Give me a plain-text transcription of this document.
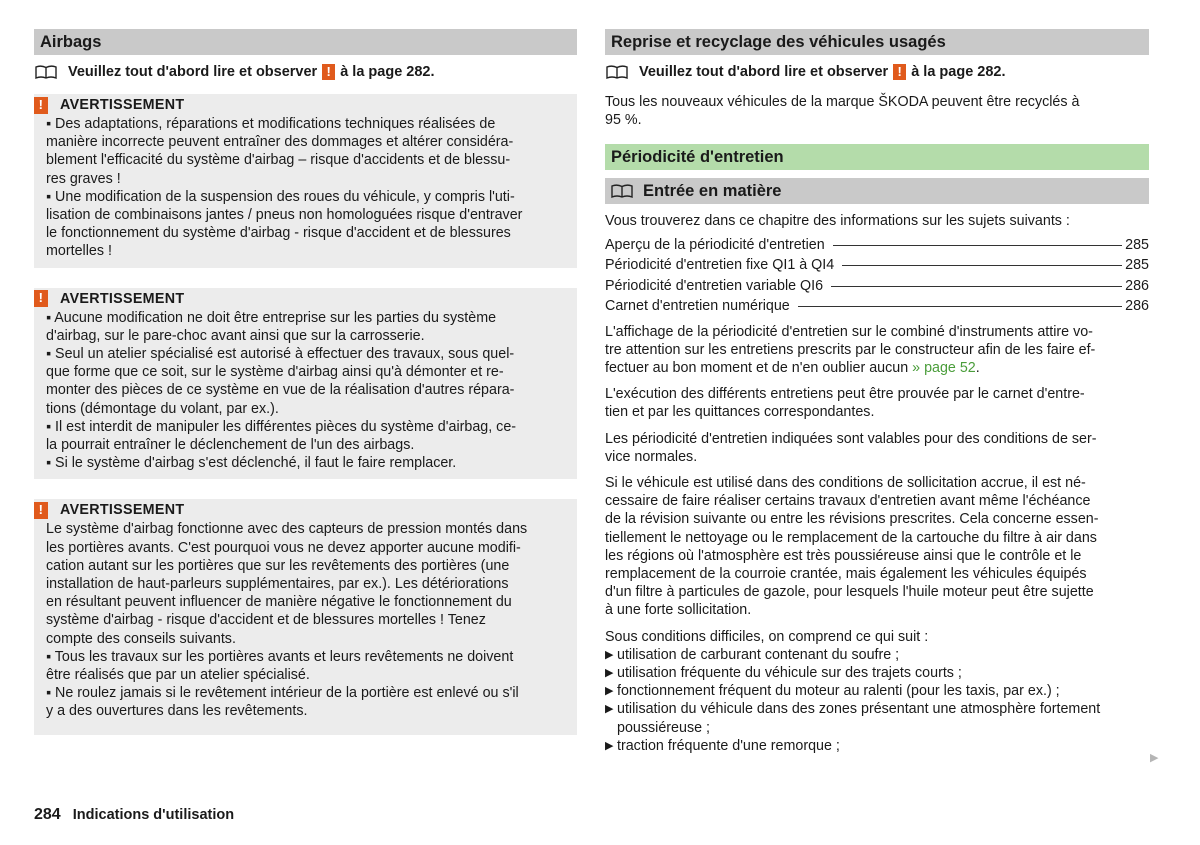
Airbags
Veuillez tout d'abord lire et observer ! à la page 282.
!	AVERTISSEMENT

▪ Des adaptations, réparations et modifications techniques réalisées de

manière incorrecte peuvent entraîner des dommages et altérer considéra-

blement l'efficacité du système d'airbag – risque d'accidents et de blessu-

res graves !

▪ Une modification de la suspension des roues du véhicule, y compris l'uti-

lisation de combinaisons jantes / pneus non homologuées risque d'entraver

le fonctionnement du système d'airbag - risque d'accident et de blessures

mortelles !

!	AVERTISSEMENT

▪ Aucune modification ne doit être entreprise sur les parties du système

d'airbag, sur le pare-choc avant ainsi que sur la carrosserie.

▪ Seul un atelier spécialisé est autorisé à effectuer des travaux, sous quel-

que forme que ce soit, sur le système d'airbag ainsi qu'à démonter et re-

monter des pièces de ce système en vue de la réalisation d'autres répara-

tions (démontage du volant, par ex.).

▪ Il est interdit de manipuler les différentes pièces du système d'airbag, ce-

la pourrait entraîner le déclenchement de l'un des airbags.

▪ Si le système d'airbag s'est déclenché, il faut le faire remplacer.

!	AVERTISSEMENT

Le système d'airbag fonctionne avec des capteurs de pression montés dans

les portières avants. C'est pourquoi vous ne devez apporter aucune modifi-

cation autant sur les portières que sur les revêtements des portières (une

installation de haut-parleurs supplémentaires, par ex.). Les détériorations

en résultant peuvent influencer de manière négative le fonctionnement du

système d'airbag - risque d'accident et de blessures mortelles ! Tenez

compte des conseils suivants.

▪ Tous les travaux sur les portières avants et leurs revêtements ne doivent

être réalisés que par un atelier spécialisé.

▪ Ne roulez jamais si le revêtement intérieur de la portière est enlevé ou s'il

y a des ouvertures dans les revêtements.

Reprise et recyclage des véhicules usagés
Veuillez tout d'abord lire et observer ! à la page 282.
Tous les nouveaux véhicules de la marque ŠKODA peuvent être recyclés à
95 %.
Périodicité d'entretien
Entrée en matière
Vous trouverez dans ce chapitre des informations sur les sujets suivants :
Aperçu de la périodicité d'entretien	285
Périodicité d'entretien fixe QI1 à QI4	285
Périodicité d'entretien variable QI6	286
Carnet d'entretien numérique	286
L'affichage de la périodicité d'entretien sur le combiné d'instruments attire vo-
tre attention sur les entretiens prescrits par le constructeur afin de les faire ef-
fectuer au bon moment et de n'en oublier aucun » page 52.
L'exécution des différents entretiens peut être prouvée par le carnet d'entre-
tien et par les quittances correspondantes.
Les périodicité d'entretien indiquées sont valables pour des conditions de ser-
vice normales.
Si le véhicule est utilisé dans des conditions de sollicitation accrue, il est né-
cessaire de faire réaliser certains travaux d'entretien avant même l'échéance
de la révision suivante ou entre les révisions prescrites. Cela concerne essen-
tiellement le nettoyage ou le remplacement de la cartouche du filtre à air dans
les régions où l'atmosphère est très poussiéreuse ainsi que le contrôle et le
remplacement de la courroie crantée, mais également les véhicules équipés
d'un filtre à particules de gazole, pour lesquels l'huile moteur peut être sujette
à une forte sollicitation.
Sous conditions difficiles, on comprend ce qui suit :
▶ utilisation de carburant contenant du soufre ;
▶ utilisation fréquente du véhicule sur des trajets courts ;
▶ fonctionnement fréquent du moteur au ralenti (pour les taxis, par ex.) ;
▶ utilisation du véhicule dans des zones présentant une atmosphère fortement
poussiéreuse ;
▶ traction fréquente d'une remorque ;
▶
284 Indications d'utilisation
